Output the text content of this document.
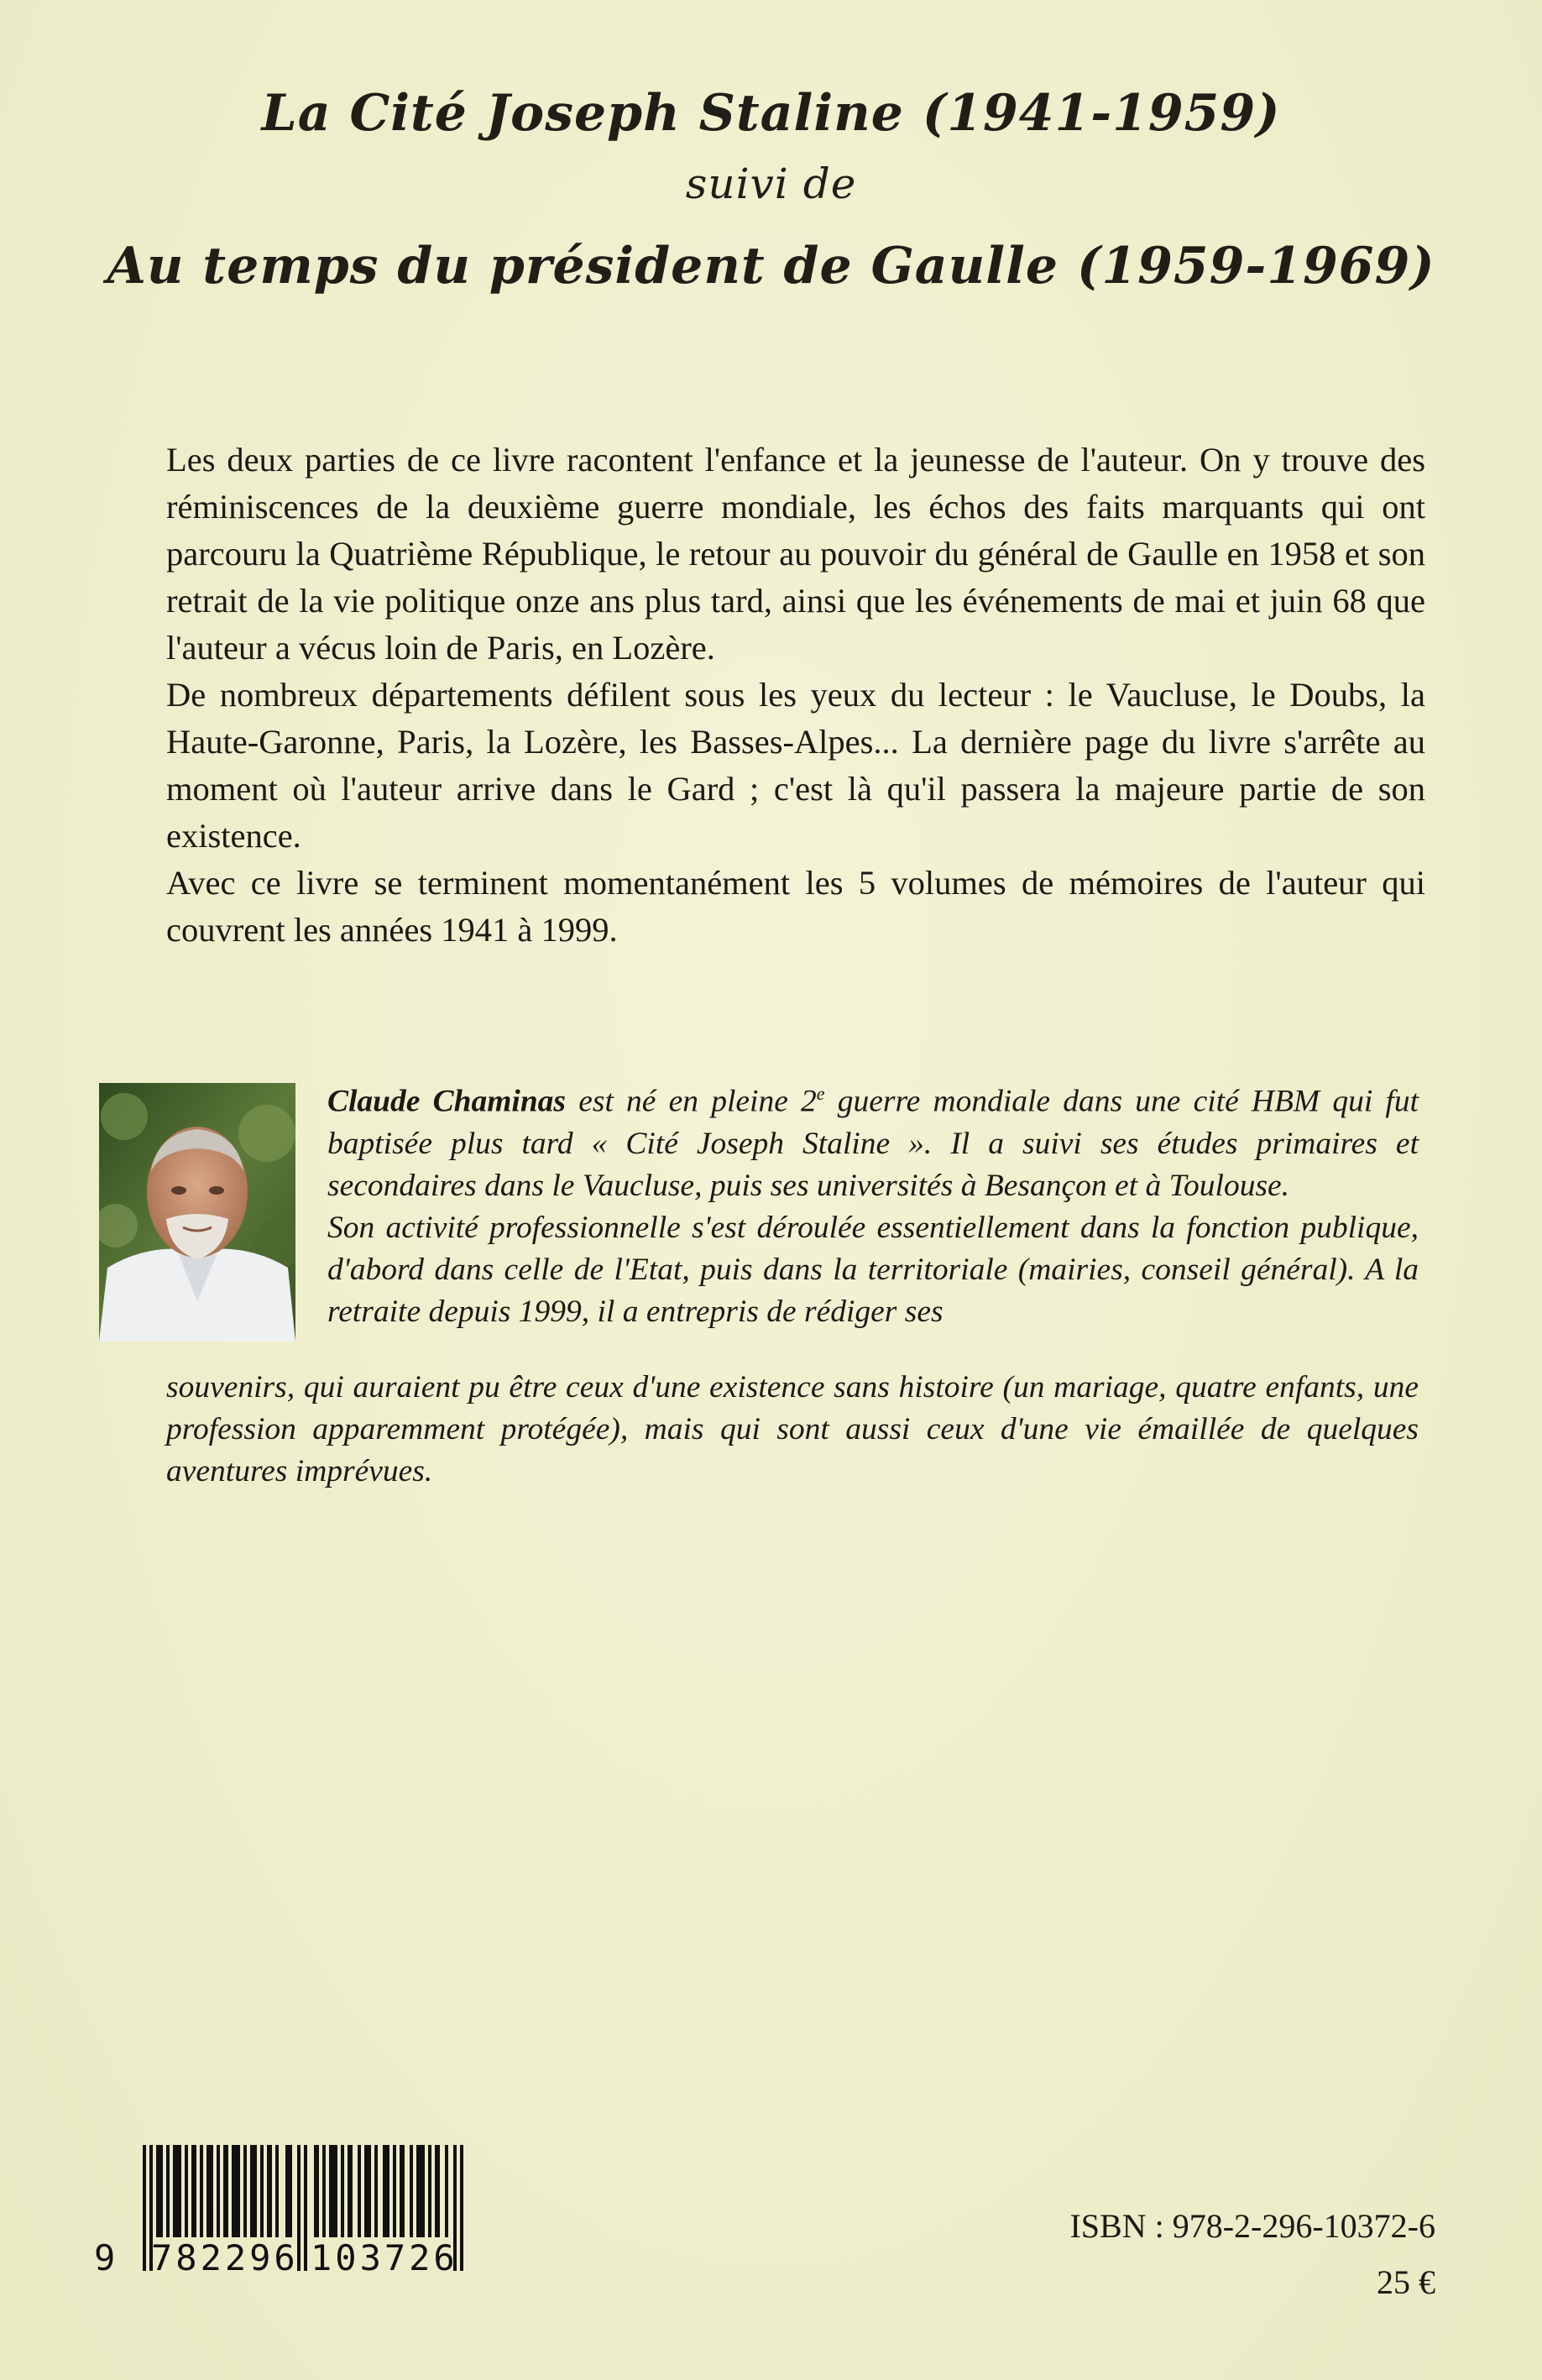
La Cité Joseph Staline (1941-1959)
suivi de
Au temps du président de Gaulle (1959-1969)

Les deux parties de ce livre racontent l'enfance et la jeunesse de l'auteur. On y trouve des réminiscences de la deuxième guerre mondiale, les échos des faits marquants qui ont parcouru la Quatrième République, le retour au pouvoir du général de Gaulle en 1958 et son retrait de la vie politique onze ans plus tard, ainsi que les événements de mai et juin 68 que l'auteur a vécus loin de Paris, en Lozère.

De nombreux départements défilent sous les yeux du lecteur : le Vaucluse, le Doubs, la Haute-Garonne, Paris, la Lozère, les Basses-Alpes... La dernière page du livre s'arrête au moment où l'auteur arrive dans le Gard ; c'est là qu'il passera la majeure partie de son existence.

Avec ce livre se terminent momentanément les 5 volumes de mémoires de l'auteur qui couvrent les années 1941 à 1999.

Claude Chaminas est né en pleine 2e guerre mondiale dans une cité HBM qui fut baptisée plus tard « Cité Joseph Staline ». Il a suivi ses études primaires et secondaires dans le Vaucluse, puis ses universités à Besançon et à Toulouse.
Son activité professionnelle s'est déroulée essentiellement dans la fonction publique, d'abord dans celle de l'Etat, puis dans la territoriale (mairies, conseil général). A la retraite depuis 1999, il a entrepris de rédiger ses
souvenirs, qui auraient pu être ceux d'une existence sans histoire (un mariage, quatre enfants, une profession apparemment protégée), mais qui sont aussi ceux d'une vie émaillée de quelques aventures imprévues.
9 782296 103726
ISBN : 978-2-296-10372-6
25 €
